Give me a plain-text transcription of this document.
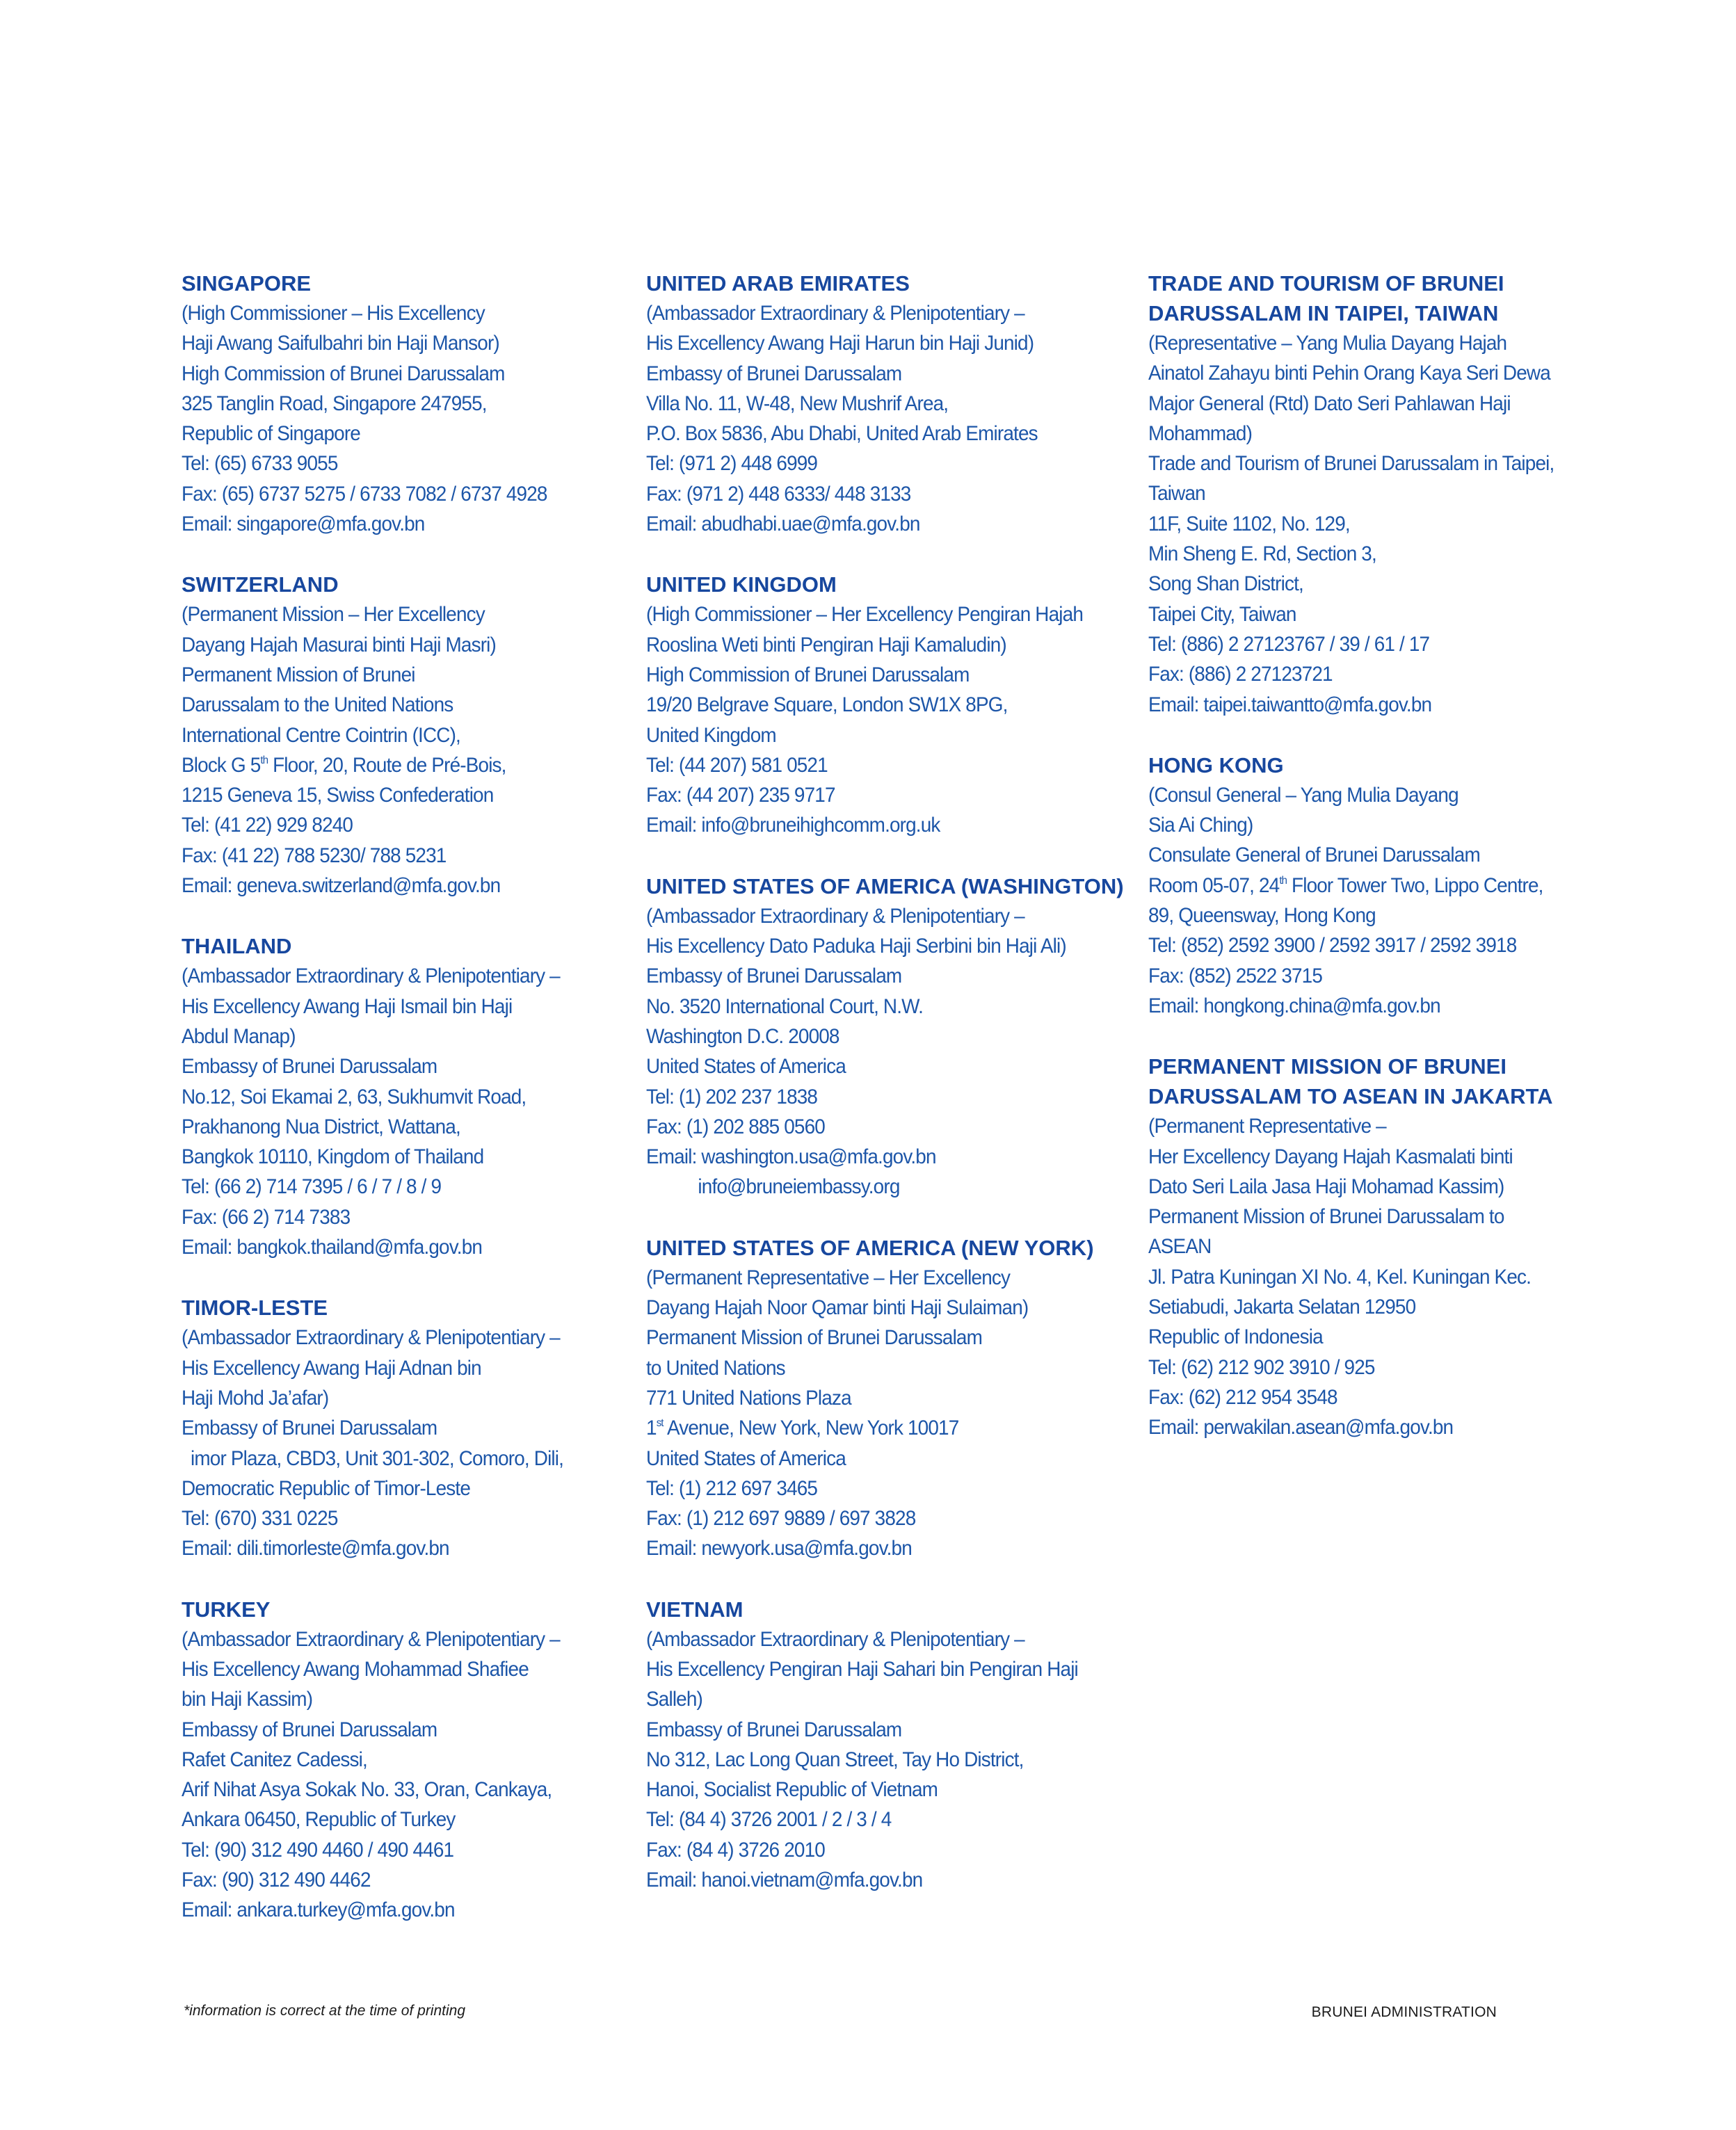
SINGAPORE
(High Commissioner – His Excellency
Haji Awang Saifulbahri bin Haji Mansor)
High Commission of Brunei Darussalam
325 Tanglin Road, Singapore 247955,
Republic of Singapore
Tel: (65) 6733 9055
Fax: (65) 6737 5275 / 6733 7082 / 6737 4928
Email: singapore@mfa.gov.bn
SWITZERLAND
(Permanent Mission – Her Excellency
Dayang Hajah Masurai binti Haji Masri)
Permanent Mission of Brunei
Darussalam to the United Nations
International Centre Cointrin (ICC),
Block G 5th Floor, 20, Route de Pré-Bois,
1215 Geneva 15, Swiss Confederation
Tel: (41 22) 929 8240
Fax: (41 22) 788 5230/ 788 5231
Email: geneva.switzerland@mfa.gov.bn
THAILAND
(Ambassador Extraordinary & Plenipotentiary –
His Excellency Awang Haji Ismail bin Haji
Abdul Manap)
Embassy of Brunei Darussalam
No.12, Soi Ekamai 2, 63, Sukhumvit Road,
Prakhanong Nua District, Wattana,
Bangkok 10110, Kingdom of Thailand
Tel: (66 2) 714 7395 / 6 / 7 / 8 / 9
Fax: (66 2) 714 7383
Email: bangkok.thailand@mfa.gov.bn
TIMOR-LESTE
(Ambassador Extraordinary & Plenipotentiary –
His Excellency Awang Haji Adnan bin
Haji Mohd Ja’afar)
Embassy of Brunei Darussalam
imor Plaza, CBD3, Unit 301-302, Comoro, Dili,
Democratic Republic of Timor-Leste
Tel: (670) 331 0225
Email: dili.timorleste@mfa.gov.bn
TURKEY
(Ambassador Extraordinary & Plenipotentiary –
His Excellency Awang Mohammad Shafiee
bin Haji Kassim)
Embassy of Brunei Darussalam
Rafet Canitez Cadessi,
Arif Nihat Asya Sokak No. 33, Oran, Cankaya,
Ankara 06450, Republic of Turkey
Tel: (90) 312 490 4460 / 490 4461
Fax: (90) 312 490 4462
Email: ankara.turkey@mfa.gov.bn
UNITED ARAB EMIRATES
(Ambassador Extraordinary & Plenipotentiary –
His Excellency Awang Haji Harun bin Haji Junid)
Embassy of Brunei Darussalam
Villa No. 11, W-48, New Mushrif Area,
P.O. Box 5836, Abu Dhabi, United Arab Emirates
Tel: (971 2) 448 6999
Fax: (971 2) 448 6333/ 448 3133
Email: abudhabi.uae@mfa.gov.bn
UNITED KINGDOM
(High Commissioner – Her Excellency Pengiran Hajah
Rooslina Weti binti Pengiran Haji Kamaludin)
High Commission of Brunei Darussalam
19/20 Belgrave Square, London SW1X 8PG,
United Kingdom
Tel: (44 207) 581 0521
Fax: (44 207) 235 9717
Email: info@bruneihighcomm.org.uk
UNITED STATES OF AMERICA (WASHINGTON)
(Ambassador Extraordinary & Plenipotentiary –
His Excellency Dato Paduka Haji Serbini bin Haji Ali)
Embassy of Brunei Darussalam
No. 3520 International Court, N.W.
Washington D.C. 20008
United States of America
Tel: (1) 202 237 1838
Fax: (1) 202 885 0560
Email: washington.usa@mfa.gov.bn
info@bruneiembassy.org
UNITED STATES OF AMERICA (NEW YORK)
(Permanent Representative – Her Excellency
Dayang Hajah Noor Qamar binti Haji Sulaiman)
Permanent Mission of Brunei Darussalam
to United Nations
771 United Nations Plaza
1st Avenue, New York, New York 10017
United States of America
Tel: (1) 212 697 3465
Fax: (1) 212 697 9889 / 697 3828
Email: newyork.usa@mfa.gov.bn
VIETNAM
(Ambassador Extraordinary & Plenipotentiary –
His Excellency Pengiran Haji Sahari bin Pengiran Haji
Salleh)
Embassy of Brunei Darussalam
No 312, Lac Long Quan Street, Tay Ho District,
Hanoi, Socialist Republic of Vietnam
Tel: (84 4) 3726 2001 / 2 / 3 / 4
Fax: (84 4) 3726 2010
Email: hanoi.vietnam@mfa.gov.bn
TRADE AND TOURISM OF BRUNEI
DARUSSALAM IN TAIPEI, TAIWAN
(Representative – Yang Mulia Dayang Hajah
Ainatol Zahayu binti Pehin Orang Kaya Seri Dewa
Major General (Rtd) Dato Seri Pahlawan Haji
Mohammad)
Trade and Tourism of Brunei Darussalam in Taipei,
Taiwan
11F, Suite 1102, No. 129,
Min Sheng E. Rd, Section 3,
Song Shan District,
Taipei City, Taiwan
Tel: (886) 2 27123767 / 39 / 61 / 17
Fax: (886) 2 27123721
Email: taipei.taiwantto@mfa.gov.bn
HONG KONG
(Consul General – Yang Mulia Dayang
Sia Ai Ching)
Consulate General of Brunei Darussalam
Room 05-07, 24th Floor Tower Two, Lippo Centre,
89, Queensway, Hong Kong
Tel: (852) 2592 3900 / 2592 3917 / 2592 3918
Fax: (852) 2522 3715
Email: hongkong.china@mfa.gov.bn
PERMANENT MISSION OF BRUNEI
DARUSSALAM TO ASEAN IN JAKARTA
(Permanent Representative –
Her Excellency Dayang Hajah Kasmalati binti
Dato Seri Laila Jasa Haji Mohamad Kassim)
Permanent Mission of Brunei Darussalam to
ASEAN
Jl. Patra Kuningan XI No. 4, Kel. Kuningan Kec.
Setiabudi, Jakarta Selatan 12950
Republic of Indonesia
Tel: (62) 212 902 3910 / 925
Fax: (62) 212 954 3548
Email: perwakilan.asean@mfa.gov.bn
*information is correct at the time of printing	BRUNEI ADMINISTRATION
